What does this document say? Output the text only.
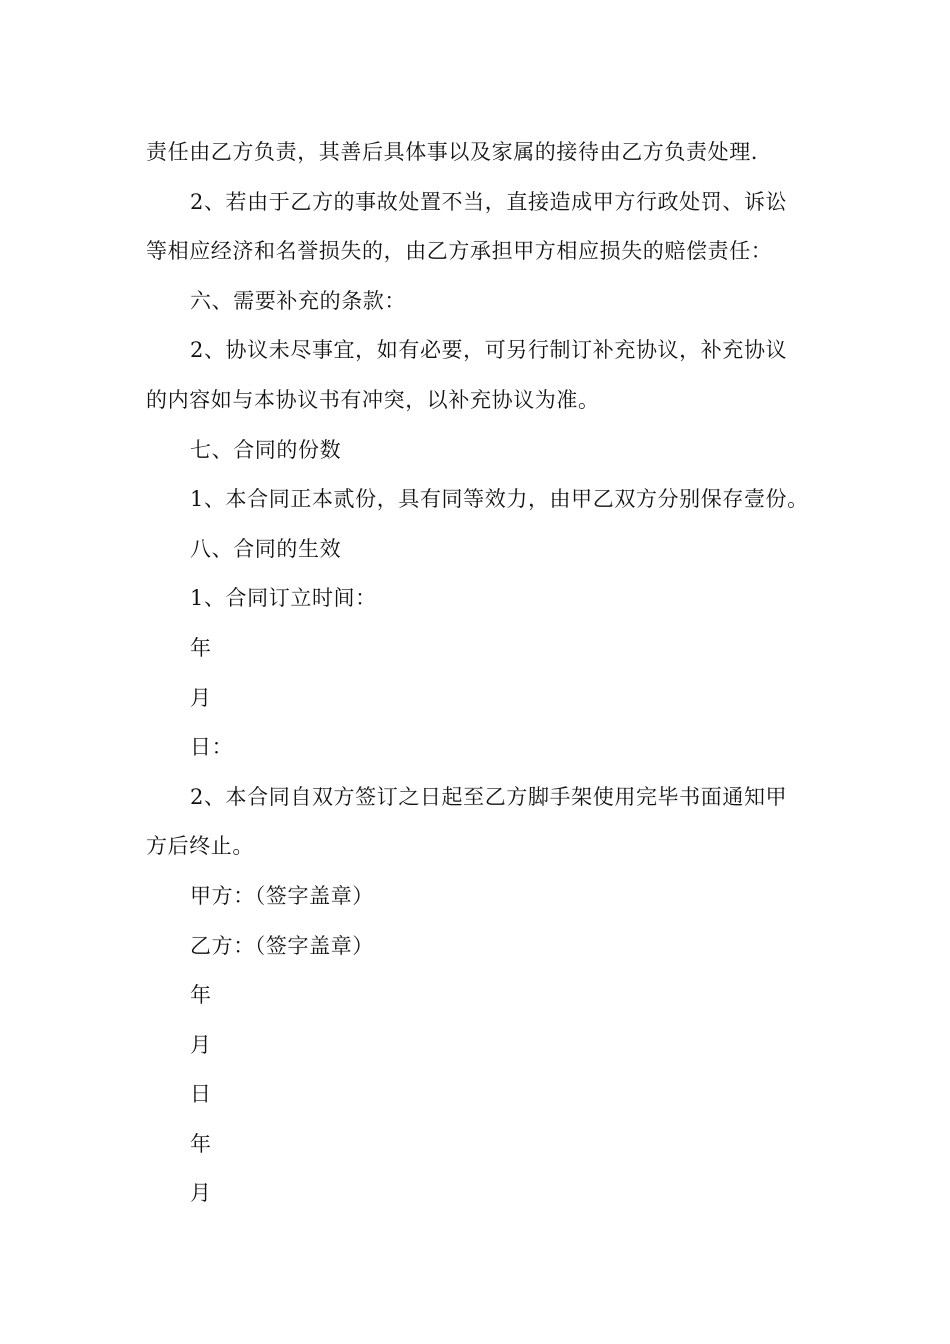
责任由乙方负责，其善后具体事以及家属的接待由乙方负责处理.
2、若由于乙方的事故处置不当，直接造成甲方行政处罚、诉讼
等相应经济和名誉损失的，由乙方承担甲方相应损失的赔偿责任：
六、需要补充的条款：
2、协议未尽事宜，如有必要，可另行制订补充协议，补充协议
的内容如与本协议书有冲突，以补充协议为准。
七、合同的份数
1、本合同正本贰份，具有同等效力，由甲乙双方分别保存壹份。
八、合同的生效
1、合同订立时间：
年
月
日：
2、本合同自双方签订之日起至乙方脚手架使用完毕书面通知甲
方后终止。
甲方：（签字盖章）
乙方：（签字盖章）
年
月
日
年
月
